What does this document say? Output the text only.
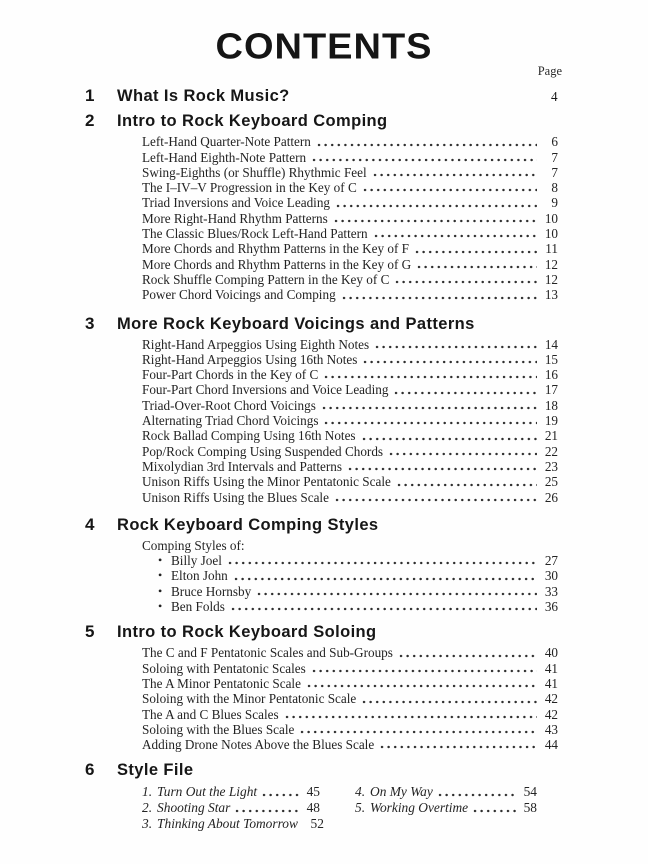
CONTENTS
Page
1	What Is Rock Music?	4
2	Intro to Rock Keyboard Comping
Left-Hand Quarter-Note Pattern	6
Left-Hand Eighth-Note Pattern	7
Swing-Eighths (or Shuffle) Rhythmic Feel	7
The I–IV–V Progression in the Key of C	8
Triad Inversions and Voice Leading	9
More Right-Hand Rhythm Patterns	10
The Classic Blues/Rock Left-Hand Pattern	10
More Chords and Rhythm Patterns in the Key of F	11
More Chords and Rhythm Patterns in the Key of G	12
Rock Shuffle Comping Pattern in the Key of C	12
Power Chord Voicings and Comping	13
3	More Rock Keyboard Voicings and Patterns
Right-Hand Arpeggios Using Eighth Notes	14
Right-Hand Arpeggios Using 16th Notes	15
Four-Part Chords in the Key of C	16
Four-Part Chord Inversions and Voice Leading	17
Triad-Over-Root Chord Voicings	18
Alternating Triad Chord Voicings	19
Rock Ballad Comping Using 16th Notes	21
Pop/Rock Comping Using Suspended Chords	22
Mixolydian 3rd Intervals and Patterns	23
Unison Riffs Using the Minor Pentatonic Scale	25
Unison Riffs Using the Blues Scale	26
4	Rock Keyboard Comping Styles
Comping Styles of:
•
Billy Joel	27
•
Elton John	30
•
Bruce Hornsby	33
•
Ben Folds	36
5	Intro to Rock Keyboard Soloing
The C and F Pentatonic Scales and Sub-Groups	40
Soloing with Pentatonic Scales	41
The A Minor Pentatonic Scale	41
Soloing with the Minor Pentatonic Scale	42
The A and C Blues Scales	42
Soloing with the Blues Scale	43
Adding Drone Notes Above the Blues Scale	44
6	Style File
1. Turn Out the Light	45
2. Shooting Star	48
3. Thinking About Tomorrow 52
4. On My Way	54
5. Working Overtime	58
